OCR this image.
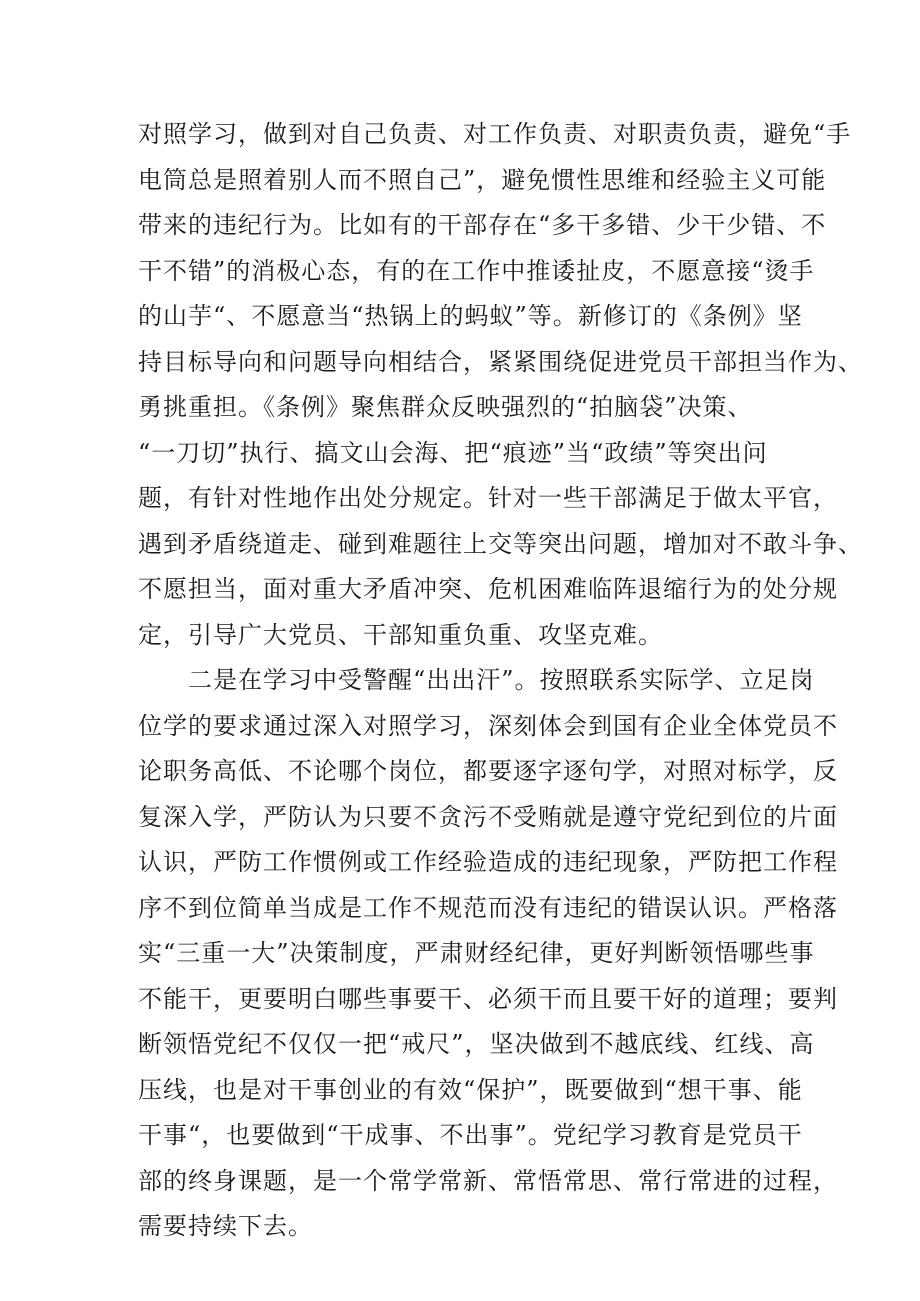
对照学习，做到对自己负责、对工作负责、对职责负责，避免“手
电筒总是照着别人而不照自己”，避免惯性思维和经验主义可能
带来的违纪行为。比如有的干部存在“多干多错、少干少错、不
干不错”的消极心态，有的在工作中推诿扯皮，不愿意接“烫手
的山芋“、不愿意当“热锅上的蚂蚁”等。新修订的《条例》坚
持目标导向和问题导向相结合，紧紧围绕促进党员干部担当作为、
勇挑重担。《条例》聚焦群众反映强烈的“拍脑袋”决策、
“一刀切”执行、搞文山会海、把“痕迹”当“政绩”等突出问
题，有针对性地作出处分规定。针对一些干部满足于做太平官，
遇到矛盾绕道走、碰到难题往上交等突出问题，增加对不敢斗争、
不愿担当，面对重大矛盾冲突、危机困难临阵退缩行为的处分规
定，引导广大党员、干部知重负重、攻坚克难。
　　二是在学习中受警醒“出出汗”。按照联系实际学、立足岗
位学的要求通过深入对照学习，深刻体会到国有企业全体党员不
论职务高低、不论哪个岗位，都要逐字逐句学，对照对标学，反
复深入学，严防认为只要不贪污不受贿就是遵守党纪到位的片面
认识，严防工作惯例或工作经验造成的违纪现象，严防把工作程
序不到位简单当成是工作不规范而没有违纪的错误认识。严格落
实“三重一大”决策制度，严肃财经纪律，更好判断领悟哪些事
不能干，更要明白哪些事要干、必须干而且要干好的道理；要判
断领悟党纪不仅仅一把“戒尺”，坚决做到不越底线、红线、高
压线，也是对干事创业的有效“保护”，既要做到“想干事、能
干事“，也要做到“干成事、不出事”。党纪学习教育是党员干
部的终身课题，是一个常学常新、常悟常思、常行常进的过程，
需要持续下去。
